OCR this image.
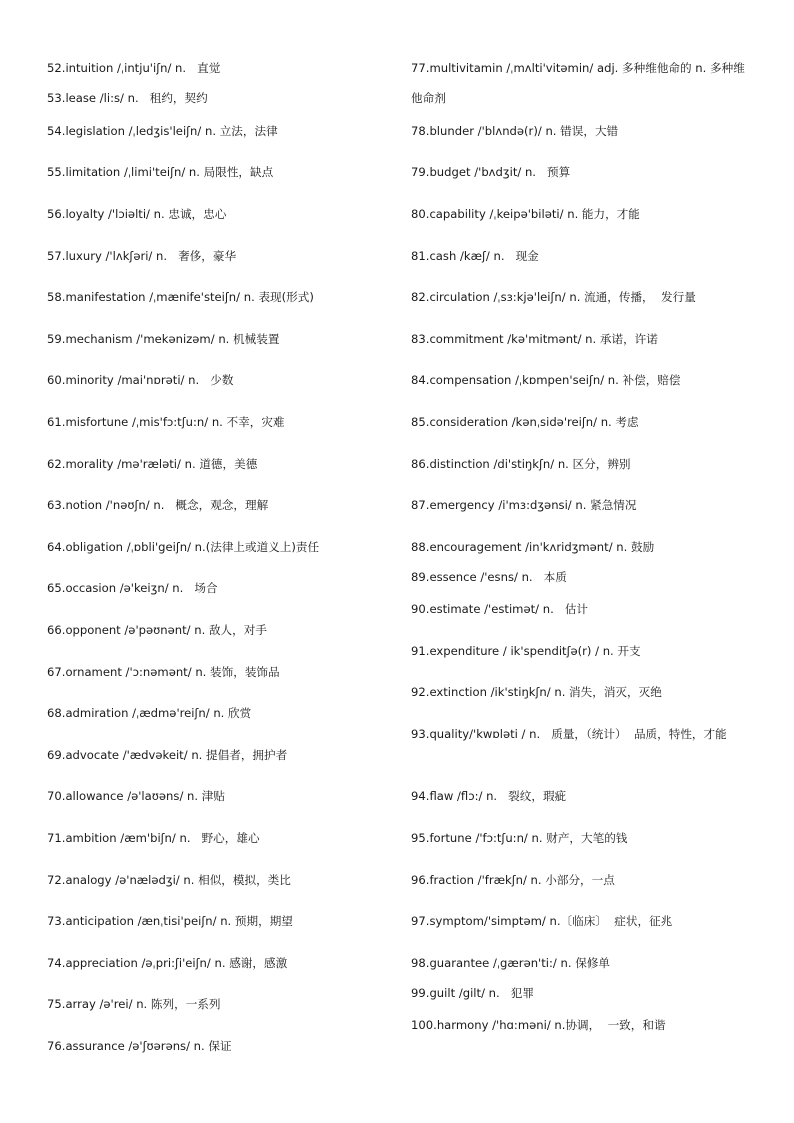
52.intuition /ˌintju'iʃn/ n.   直觉
53.lease /li:s/ n.   租约，契约
54.legislation /ˌledʒis'leiʃn/ n. 立法，法律
55.limitation /ˌlimi'teiʃn/ n. 局限性，缺点
56.loyalty /'lɔiəlti/ n. 忠诚，忠心
57.luxury /'lʌkʃəri/ n.   奢侈，豪华
58.manifestation /ˌmænife'steiʃn/ n. 表现(形式)
59.mechanism /'mekənizəm/ n. 机械装置
60.minority /mai'nɒrəti/ n.   少数
61.misfortune /ˌmis'fɔ:tʃu:n/ n. 不幸，灾难
62.morality /mə'ræləti/ n. 道德，美德
63.notion /'nəʊʃn/ n.   概念，观念，理解
64.obligation /ˌɒbli'geiʃn/ n.(法律上或道义上)责任
65.occasion /ə'keiʒn/ n.   场合
66.opponent /ə'pəʊnənt/ n. 敌人，对手
67.ornament /'ɔ:nəmənt/ n. 装饰，装饰品
68.admiration /ˌædmə'reiʃn/ n. 欣赏
69.advocate /'ædvəkeit/ n. 提倡者，拥护者
70.allowance /ə'laʊəns/ n. 津贴
71.ambition /æm'biʃn/ n.   野心，雄心
72.analogy /ə'nælədʒi/ n. 相似，模拟，类比
73.anticipation /ænˌtisi'peiʃn/ n. 预期，期望
74.appreciation /əˌpri:ʃi'eiʃn/ n. 感谢，感激
75.array /ə'rei/ n. 陈列，一系列
76.assurance /ə'ʃʊərəns/ n. 保证
77.multivitamin /ˌmʌlti'vitəmin/ adj. 多种维他命的 n. 多种维他命剂
78.blunder /'blʌndə(r)/ n. 错误，大错
79.budget /'bʌdʒit/ n.   预算
80.capability /ˌkeipə'biləti/ n. 能力，才能
81.cash /kæʃ/ n.   现金
82.circulation /ˌsɜ:kjə'leiʃn/ n. 流通，传播，  发行量
83.commitment /kə'mitmənt/ n. 承诺，许诺
84.compensation /ˌkɒmpen'seiʃn/ n. 补偿，赔偿
85.consideration /kənˌsidə'reiʃn/ n. 考虑
86.distinction /di'stiŋkʃn/ n. 区分，辨别
87.emergency /i'mɜ:dʒənsi/ n. 紧急情况
88.encouragement /in'kʌridʒmənt/ n. 鼓励
89.essence /'esns/ n.   本质
90.estimate /'estimət/ n.   估计
91.expenditure / ik'spenditʃə(r) / n. 开支
92.extinction /ik'stiŋkʃn/ n. 消失，消灭，灭绝
93.quality/'kwɒləti / n.   质量，（统计）  品质，特性，才能
94.flaw /flɔ:/ n.   裂纹，瑕疵
95.fortune /'fɔ:tʃu:n/ n. 财产，大笔的钱
96.fraction /'frækʃn/ n. 小部分，一点
97.symptom/'simptəm/ n.〔临床〕  症状，征兆
98.guarantee /ˌgærən'ti:/ n. 保修单
99.guilt /gilt/ n.   犯罪
100.harmony /'hɑ:məni/ n.协调，  一致，和谐
